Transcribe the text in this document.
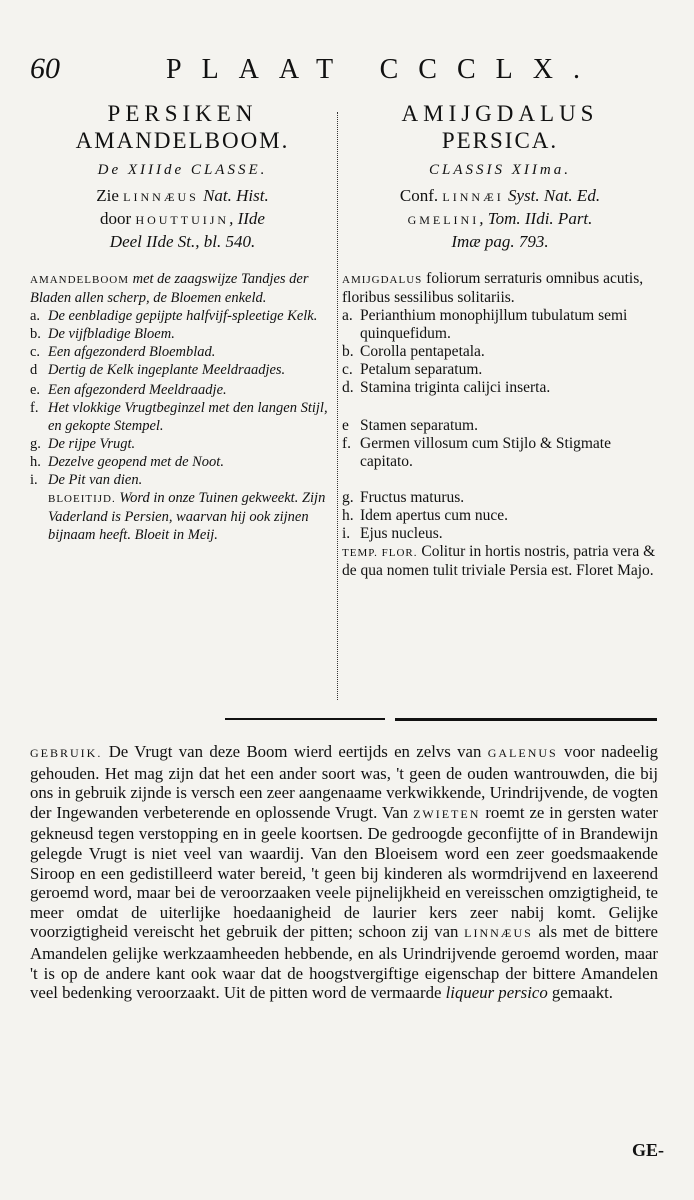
60	PLAAT CCCLX.
PERSIKEN
AMANDELBOOM.
De XIIIde CLASSE.
Zie LINNÆUS Nat. Hist.
door HOUTTUIJN, IIde
Deel IIde St., bl. 540.
AMANDELBOOM met de zaagswijze Tandjes der Bladen allen scherp, de Bloemen enkeld.
a. De eenbladige gepijpte halfvijf-spleetige Kelk.
b. De vijfbladige Bloem.
c. Een afgezonderd Bloemblad.
d Dertig de Kelk ingeplante Meeldraadjes.
e. Een afgezonderd Meeldraadje.
f. Het vlokkige Vrugtbeginzel met den langen Stijl, en gekopte Stempel.
g. De rijpe Vrugt.
h. Dezelve geopend met de Noot.
i. De Pit van dien.
BLOEITIJD. Word in onze Tuinen gekweekt. Zijn Vaderland is Persien, waarvan hij ook zijnen bijnaam heeft. Bloeit in Meij.
AMIJGDALUS
PERSICA.
CLASSIS XIIma.
Conf. LINNÆI Syst. Nat. Ed.
GMELINI, Tom. IIdi. Part.
Imæ pag. 793.
AMIJGDALUS foliorum serraturis omnibus acutis, floribus sessilibus solitariis.
a. Perianthium monophijllum tubulatum semi quinquefidum.
b. Corolla pentapetala.
c. Petalum separatum.
d. Stamina triginta calijci inserta.
e Stamen separatum.
f. Germen villosum cum Stijlo & Stigmate capitato.
g. Fructus maturus.
h. Idem apertus cum nuce.
i. Ejus nucleus.
TEMP. FLOR. Colitur in hortis nostris, patria vera & de qua nomen tulit triviale Persia est. Floret Majo.
GEBRUIK. De Vrugt van deze Boom wierd eertijds en zelvs van GALENUS voor nadeelig gehouden. Het mag zijn dat het een ander soort was, 't geen de ouden wantrouwden, die bij ons in gebruik zijnde is versch een zeer aangenaame verkwikkende, Urindrijvende, de vogten der Ingewanden verbeterende en oplossende Vrugt. Van ZWIETEN roemt ze in gersten water gekneusd tegen verstopping en in geele koortsen. De gedroogde geconfijtte of in Brandewijn gelegde Vrugt is niet veel van waardij. Van den Bloeisem word een zeer goedsmaakende Siroop en een gedistilleerd water bereid, 't geen bij kinderen als wormdrijvend en laxeerend geroemd word, maar bei de veroorzaaken veele pijnelijkheid en vereisschen omzigtigheid, te meer omdat de uiterlijke hoedaanigheid de laurier kers zeer nabij komt. Gelijke voorzigtigheid vereischt het gebruik der pitten; schoon zij van LINNÆUS als met de bittere Amandelen gelijke werkzaamheeden hebbende, en als Urindrijvende geroemd worden, maar 't is op de andere kant ook waar dat de hoogstvergiftige eigenschap der bittere Amandelen veel bedenking veroorzaakt. Uit de pitten word de vermaarde liqueur persico gemaakt.
GE-
